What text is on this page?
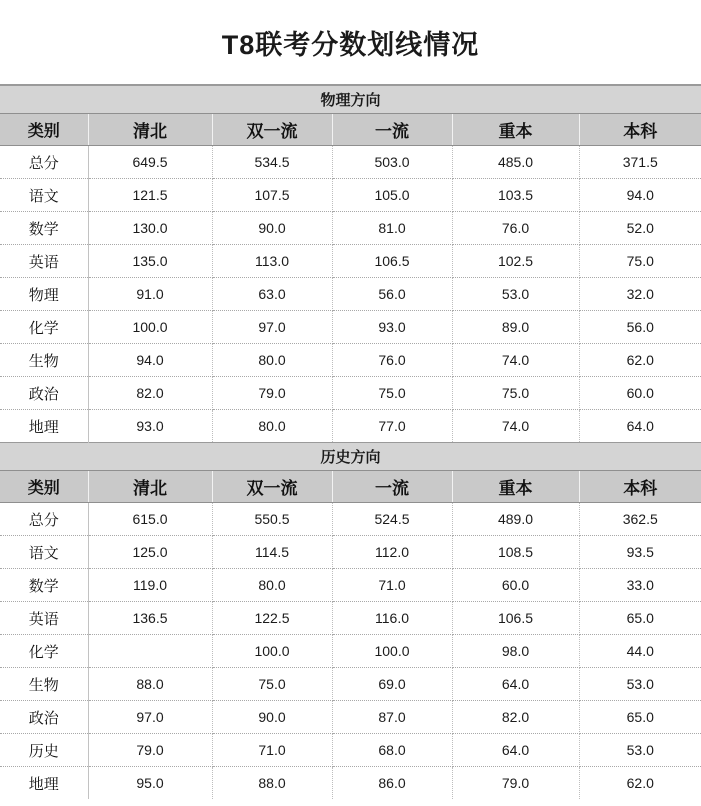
T8联考分数划线情况
物理方向					
类别	清北	双一流	一流	重本	本科
总分	649.5	534.5	503.0	485.0	371.5
语文	121.5	107.5	105.0	103.5	94.0
数学	130.0	90.0	81.0	76.0	52.0
英语	135.0	113.0	106.5	102.5	75.0
物理	91.0	63.0	56.0	53.0	32.0
化学	100.0	97.0	93.0	89.0	56.0
生物	94.0	80.0	76.0	74.0	62.0
政治	82.0	79.0	75.0	75.0	60.0
地理	93.0	80.0	77.0	74.0	64.0
历史方向					
类别	清北	双一流	一流	重本	本科
总分	615.0	550.5	524.5	489.0	362.5
语文	125.0	114.5	112.0	108.5	93.5
数学	119.0	80.0	71.0	60.0	33.0
英语	136.5	122.5	116.0	106.5	65.0
化学		100.0	100.0	98.0	44.0
生物	88.0	75.0	69.0	64.0	53.0
政治	97.0	90.0	87.0	82.0	65.0
历史	79.0	71.0	68.0	64.0	53.0
地理	95.0	88.0	86.0	79.0	62.0
